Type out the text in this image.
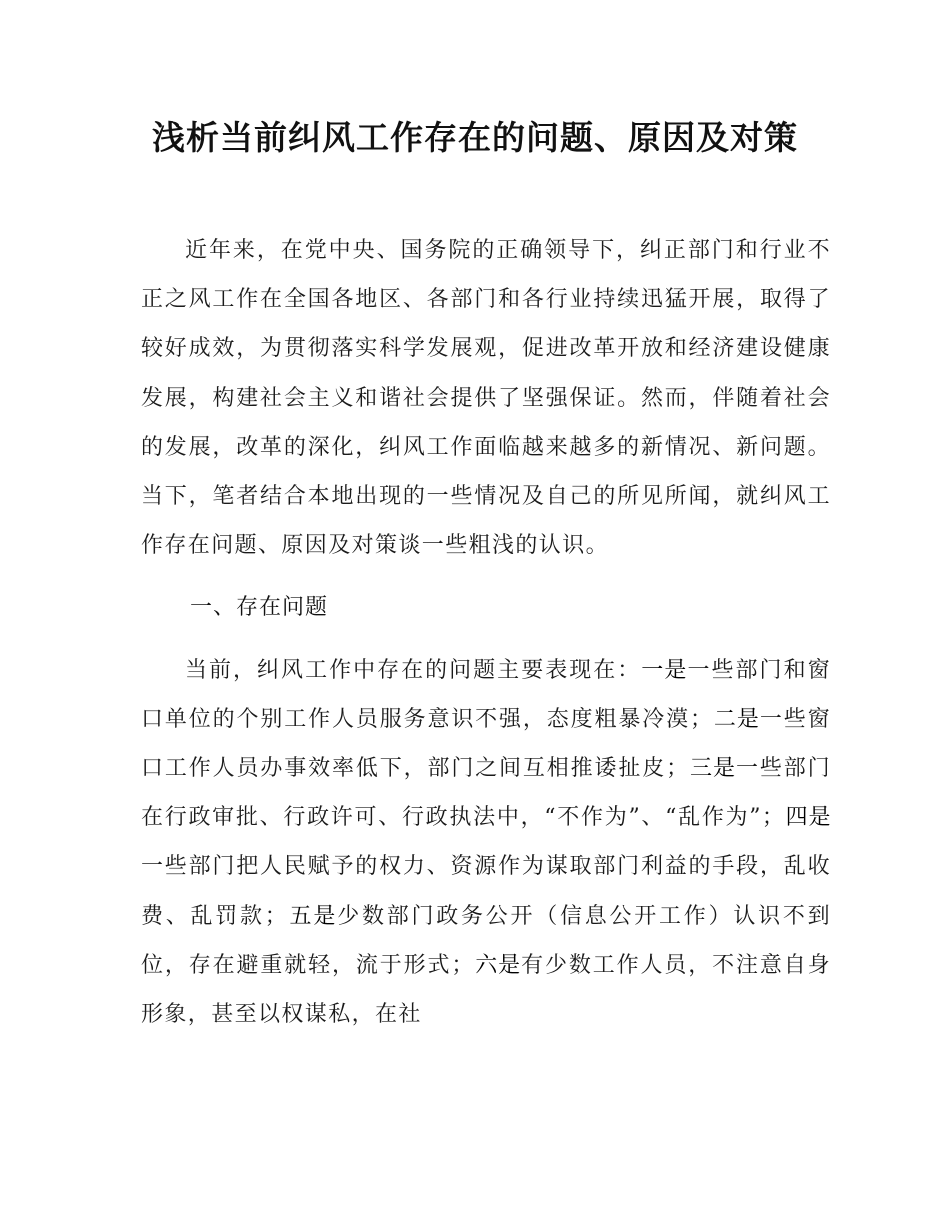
浅析当前纠风工作存在的问题、原因及对策

近年来，在党中央、国务院的正确领导下，纠正部门和行业不正之风工作在全国各地区、各部门和各行业持续迅猛开展，取得了较好成效，为贯彻落实科学发展观，促进改革开放和经济建设健康发展，构建社会主义和谐社会提供了坚强保证。然而，伴随着社会的发展，改革的深化，纠风工作面临越来越多的新情况、新问题。当下，笔者结合本地出现的一些情况及自己的所见所闻，就纠风工作存在问题、原因及对策谈一些粗浅的认识。

一、存在问题

当前，纠风工作中存在的问题主要表现在：一是一些部门和窗口单位的个别工作人员服务意识不强，态度粗暴冷漠；二是一些窗口工作人员办事效率低下，部门之间互相推诿扯皮；三是一些部门在行政审批、行政许可、行政执法中，“不作为”、“乱作为”；四是一些部门把人民赋予的权力、资源作为谋取部门利益的手段，乱收费、乱罚款；五是少数部门政务公开（信息公开工作）认识不到位，存在避重就轻，流于形式；六是有少数工作人员，不注意自身形象，甚至以权谋私，在社
